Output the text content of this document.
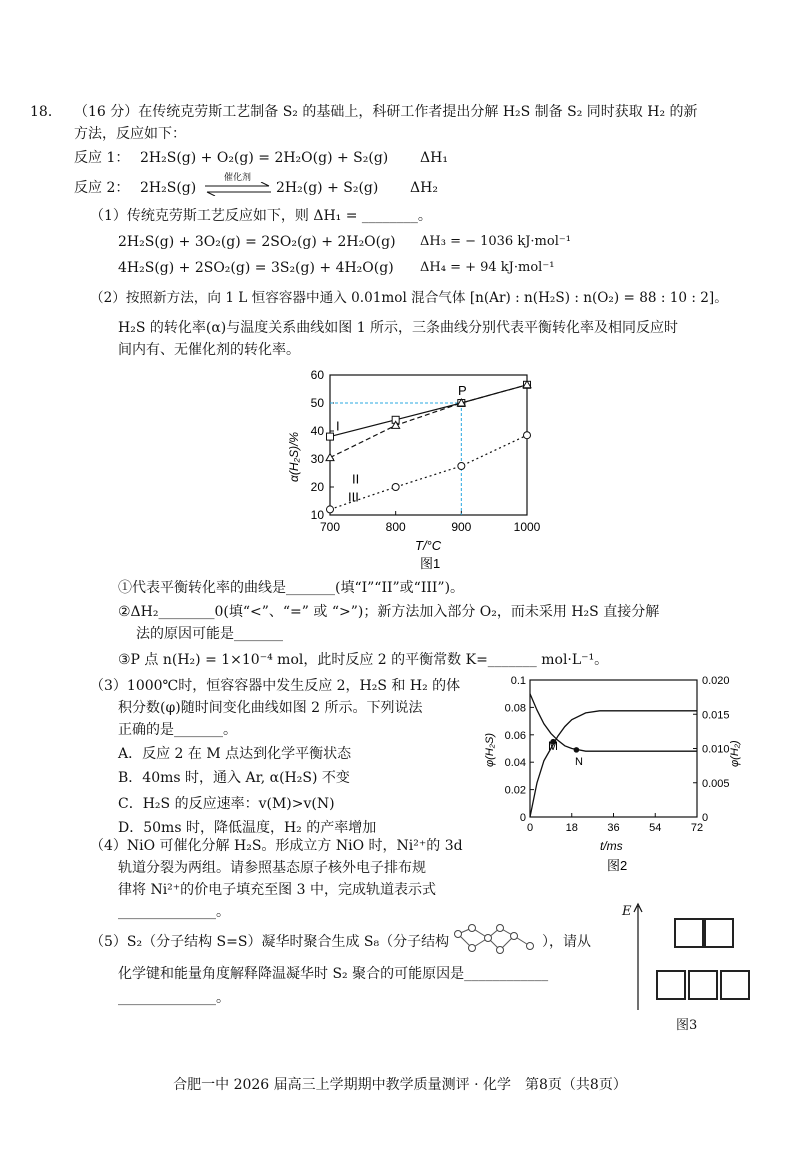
18． （16 分）在传统克劳斯工艺制备 S₂ 的基础上，科研工作者提出分解 H₂S 制备 S₂ 同时获取 H₂ 的新
方法，反应如下：
反应 1： 2H₂S(g) + O₂(g) = 2H₂O(g) + S₂(g) ΔH₁
反应 2： 2H₂S(g)
催化剂
2H₂(g) + S₂(g) ΔH₂
（1）传统克劳斯工艺反应如下，则 ΔH₁ = ________。
2H₂S(g) + 3O₂(g) = 2SO₂(g) + 2H₂O(g) ΔH₃ = − 1036 kJ·mol⁻¹
4H₂S(g) + 2SO₂(g) = 3S₂(g) + 4H₂O(g) ΔH₄ = + 94 kJ·mol⁻¹
（2）按照新方法，向 1 L 恒容容器中通入 0.01mol 混合气体 [n(Ar) : n(H₂S) : n(O₂) = 88 : 10 : 2]。
H₂S 的转化率(α)与温度关系曲线如图 1 所示，三条曲线分别代表平衡转化率及相同反应时
间内有、无催化剂的转化率。
10
20
30
40
50
60
700	800	900	1000
I
II
III
P
α(H₂S)/%
T/°C
图1
①代表平衡转化率的曲线是_______(填“I”“II”或“III”)。
②ΔH₂________0(填“<”、“=” 或 “>”)；新方法加入部分 O₂，而未采用 H₂S 直接分解
法的原因可能是_______
③P 点 n(H₂) = 1×10⁻⁴ mol，此时反应 2 的平衡常数 K=_______ mol·L⁻¹。
（3）1000℃时，恒容容器中发生反应 2，H₂S 和 H₂ 的体
积分数(φ)随时间变化曲线如图 2 所示。下列说法
正确的是_______。
A．反应 2 在 M 点达到化学平衡状态
B．40ms 时，通入 Ar, α(H₂S) 不变
C．H₂S 的反应速率：v(M)>v(N)
D．50ms 时，降低温度，H₂ 的产率增加
0
0.02
0.04
0.06
0.08
0.1
0
0.005
0.010
0.015
0.020
0	18	36	54	72
M
N
φ(H₂S)	φ(H₂)
t/ms
图2
（4）NiO 可催化分解 H₂S。形成立方 NiO 时，Ni²⁺的 3d
轨道分裂为两组。请参照基态原子核外电子排布规
律将 Ni²⁺的价电子填充至图 3 中，完成轨道表示式
______________。
（5）S₂（分子结构 S=S）凝华时聚合生成 S₈（分子结构	），请从
化学键和能量角度解释降温凝华时 S₂ 聚合的可能原因是____________
______________。
E
图3
合肥一中 2026 届高三上学期期中教学质量测评 · 化学　第8页（共8页）
